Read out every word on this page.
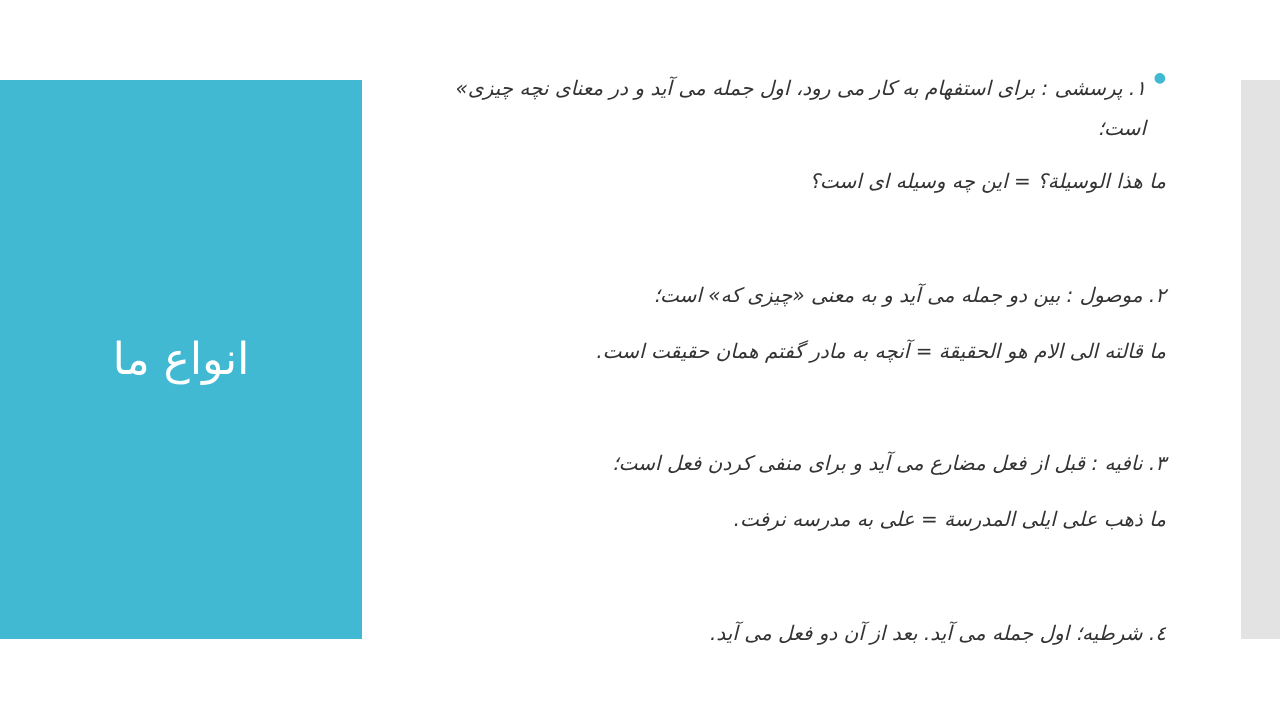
انواع ما
●
۱. پرسشی : برای استفهام به کار می رود، اول جمله می آید و در معنای نچه چیزی» است؛
ما هذا الوسیلة؟ = این چه وسیله ای است؟
۲. موصول : بین دو جمله می آید و به معنی «چیزی که» است؛
ما قالته الی الام هو الحقیقة = آنچه به مادر گفتم همان حقیقت است.
۳. نافیه : قبل از فعل مضارع می آید و برای منفی کردن فعل است؛
ما ذهب علی ایلی المدرسة = علی به مدرسه نرفت.
٤. شرطیه؛ اول جمله می آید. بعد از آن دو فعل می آید.
